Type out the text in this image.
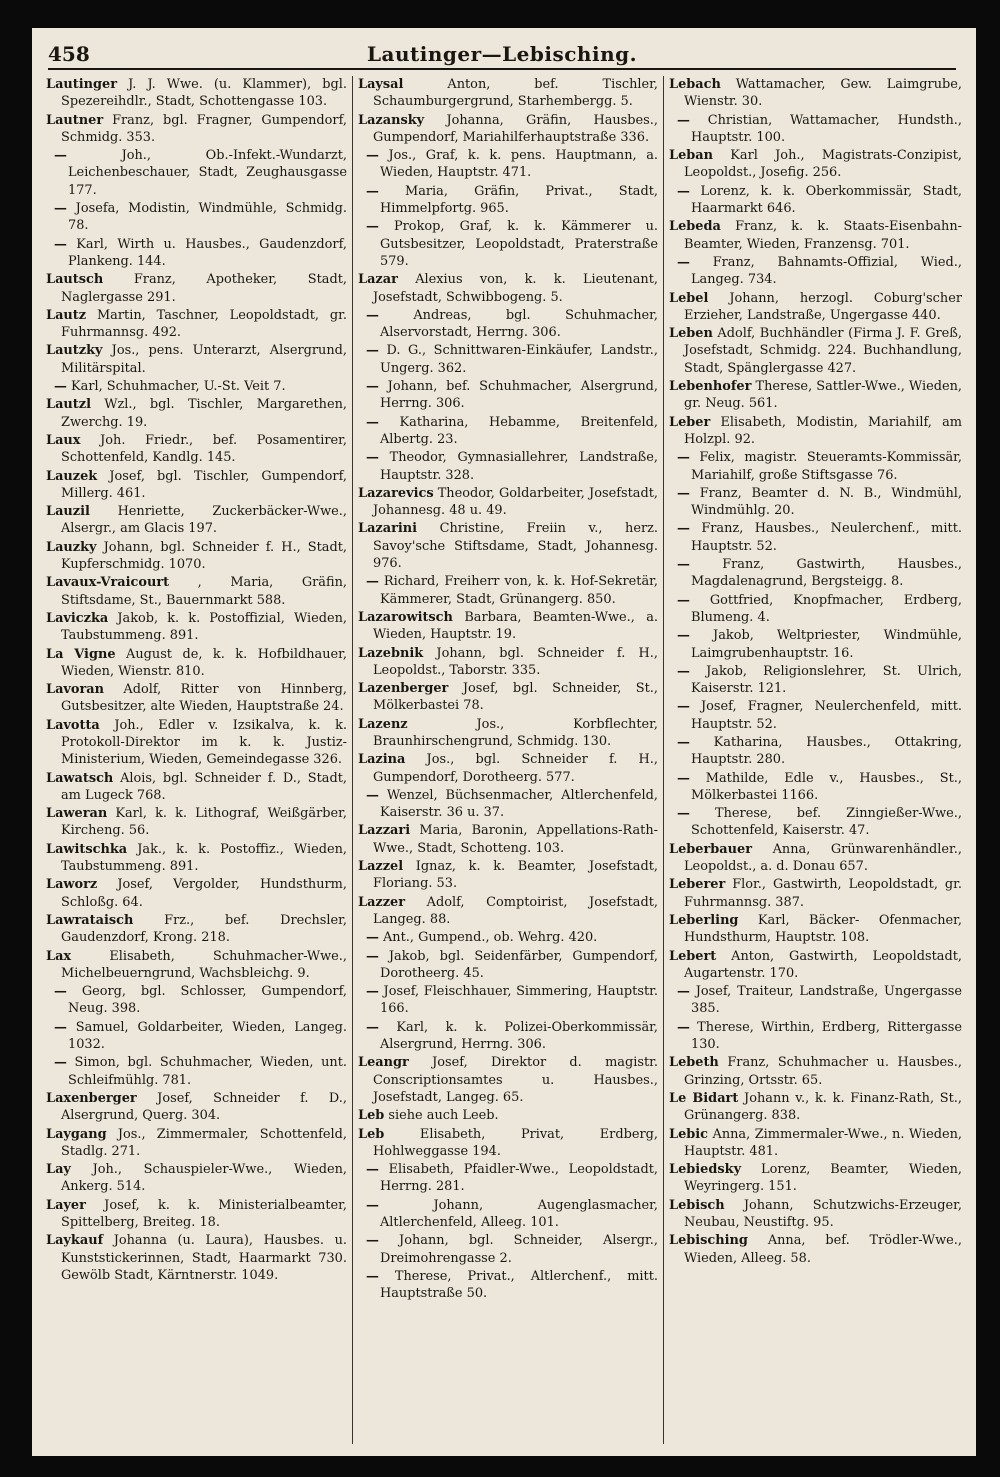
458	Lautinger—Lebisching.

Lautinger J. J. Wwe. (u. Klammer), bgl. Spezereihdlr., Stadt, Schottengasse 103.

Lautner Franz, bgl. Fragner, Gumpendorf, Schmidg. 353.

—	Joh., Ob.-Infekt.-Wundarzt, Leichenbeschauer, Stadt, Zeughausgasse 177.

— Josefa, Modistin, Windmühle, Schmidg. 78.

— Karl, Wirth u. Hausbes., Gaudenzdorf, Plankeng. 144.

Lautsch Franz, Apotheker, Stadt, Naglergasse 291.

Lautz Martin, Taschner, Leopoldstadt, gr. Fuhrmannsg. 492.

Lautzky Jos., pens. Unterarzt, Alsergrund, Militärspital.

— Karl, Schuhmacher, U.-St. Veit 7.

Lautzl Wzl., bgl. Tischler, Margarethen, Zwerchg. 19.

Laux Joh. Friedr., bef. Posamentirer, Schottenfeld, Kandlg. 145.

Lauzek Josef, bgl. Tischler, Gumpendorf, Millerg. 461.

Lauzil Henriette, Zuckerbäcker-Wwe., Alsergr., am Glacis 197.

Lauzky Johann, bgl. Schneider f. H., Stadt, Kupferschmidg. 1070.

Lavaux-Vraicourt , Maria, Gräfin, Stiftsdame, St., Bauernmarkt 588.

Laviczka Jakob, k. k. Postoffizial, Wieden, Taubstummeng. 891.

La Vigne August de, k. k. Hofbildhauer, Wieden, Wienstr. 810.

Lavoran Adolf, Ritter von Hinnberg, Gutsbesitzer, alte Wieden, Hauptstraße 24.

Lavotta Joh., Edler v. Izsikalva, k. k. Protokoll-Direktor im k. k. Justiz-Ministerium, Wieden, Gemeindegasse 326.

Lawatsch Alois, bgl. Schneider f. D., Stadt, am Lugeck 768.

Laweran Karl, k. k. Lithograf, Weißgärber, Kircheng. 56.

Lawitschka Jak., k. k. Postoffiz., Wieden, Taubstummeng. 891.

Laworz Josef, Vergolder, Hundsthurm, Schloßg. 64.

Lawrataisch Frz., bef. Drechsler, Gaudenzdorf, Krong. 218.

Lax	Elisabeth, Schuhmacher-Wwe., Michelbeuerngrund, Wachsbleichg. 9.

— Georg, bgl. Schlosser, Gumpendorf, Neug. 398.

— Samuel, Goldarbeiter, Wieden, Langeg. 1032.

— Simon, bgl. Schuhmacher, Wieden, unt. Schleifmühlg. 781.

Laxenberger Josef, Schneider f. D., Alsergrund, Querg. 304.

Laygang Jos., Zimmermaler, Schottenfeld, Stadlg. 271.

Lay Joh., Schauspieler-Wwe., Wieden, Ankerg. 514.

Layer Josef, k. k. Ministerialbeamter, Spittelberg, Breiteg. 18.

Laykauf Johanna (u. Laura), Hausbes. u. Kunststickerinnen, Stadt, Haarmarkt 730. Gewölb Stadt, Kärntnerstr. 1049.

Laysal	Anton, bef. Tischler, Schaumburgergrund, Starhembergg. 5.

Lazansky Johanna, Gräfin, Hausbes., Gumpendorf, Mariahilferhauptstraße 336.

— Jos., Graf, k. k. pens. Hauptmann, a. Wieden, Hauptstr. 471.

— Maria, Gräfin, Privat., Stadt, Himmelpfortg. 965.

— Prokop, Graf, k. k. Kämmerer u. Gutsbesitzer, Leopoldstadt, Praterstraße 579.

Lazar Alexius von, k. k. Lieutenant, Josefstadt, Schwibbogeng. 5.

—	Andreas, bgl. Schuhmacher, Alservorstadt, Herrng. 306.

— D. G., Schnittwaren-Einkäufer, Landstr., Ungerg. 362.

— Johann, bef. Schuhmacher, Alsergrund, Herrng. 306.

— Katharina, Hebamme, Breitenfeld, Albertg. 23.

— Theodor, Gymnasiallehrer, Landstraße, Hauptstr. 328.

Lazarevics Theodor, Goldarbeiter, Josefstadt, Johannesg. 48 u. 49.

Lazarini Christine, Freiin v., herz. Savoy'sche Stiftsdame, Stadt, Johannesg. 976.

— Richard, Freiherr von, k. k. Hof-Sekretär, Kämmerer, Stadt, Grünangerg. 850.

Lazarowitsch Barbara, Beamten-Wwe., a. Wieden, Hauptstr. 19.

Lazebnik Johann, bgl. Schneider f. H., Leopoldst., Taborstr. 335.

Lazenberger Josef, bgl. Schneider, St., Mölkerbastei 78.

Lazenz	Jos., Korbflechter, Braunhirschengrund, Schmidg. 130.

Lazina Jos., bgl. Schneider f. H., Gumpendorf, Dorotheerg. 577.

— Wenzel, Büchsenmacher, Altlerchenfeld, Kaiserstr. 36 u. 37.

Lazzari Maria, Baronin, Appellations-Rath-Wwe., Stadt, Schotteng. 103.

Lazzel Ignaz, k. k. Beamter, Josefstadt, Floriang. 53.

Lazzer Adolf, Comptoirist, Josefstadt, Langeg. 88.

— Ant., Gumpend., ob. Wehrg. 420.

— Jakob, bgl. Seidenfärber, Gumpendorf, Dorotheerg. 45.

— Josef, Fleischhauer, Simmering, Hauptstr. 166.

— Karl, k. k. Polizei-Oberkommissär, Alsergrund, Herrng. 306.

Leangr Josef, Direktor d. magistr. Conscriptionsamtes u. Hausbes., Josefstadt, Langeg. 65.

Leb siehe auch Leeb.

Leb	Elisabeth, Privat, Erdberg, Hohlweggasse 194.

— Elisabeth, Pfaidler-Wwe., Leopoldstadt, Herrng. 281.

—	Johann, Augenglasmacher, Altlerchenfeld, Alleeg. 101.

— Johann, bgl. Schneider, Alsergr., Dreimohrengasse 2.

— Therese, Privat., Altlerchenf., mitt. Hauptstraße 50.

Lebach Wattamacher, Gew. Laimgrube, Wienstr. 30.

— Christian, Wattamacher, Hundsth., Hauptstr. 100.

Leban Karl Joh., Magistrats-Conzipist, Leopoldst., Josefig. 256.

— Lorenz, k. k. Oberkommissär, Stadt, Haarmarkt 646.

Lebeda Franz, k. k. Staats-Eisenbahn-Beamter, Wieden, Franzensg. 701.

— Franz, Bahnamts-Offizial, Wied., Langeg. 734.

Lebel Johann, herzogl. Coburg'scher Erzieher, Landstraße, Ungergasse 440.

Leben Adolf, Buchhändler (Firma J. F. Greß, Josefstadt, Schmidg. 224. Buchhandlung, Stadt, Spänglergasse 427.

Lebenhofer Therese, Sattler-Wwe., Wieden, gr. Neug. 561.

Leber Elisabeth, Modistin, Mariahilf, am Holzpl. 92.

— Felix, magistr. Steueramts-Kommissär, Mariahilf, große Stiftsgasse 76.

— Franz, Beamter d. N. B., Windmühl, Windmühlg. 20.

— Franz, Hausbes., Neulerchenf., mitt. Hauptstr. 52.

—	Franz, Gastwirth, Hausbes., Magdalenagrund, Bergsteigg. 8.

— Gottfried, Knopfmacher, Erdberg, Blumeng. 4.

— Jakob, Weltpriester, Windmühle, Laimgrubenhauptstr. 16.

— Jakob, Religionslehrer, St. Ulrich, Kaiserstr. 121.

— Josef, Fragner, Neulerchenfeld, mitt. Hauptstr. 52.

— Katharina, Hausbes., Ottakring, Hauptstr. 280.

— Mathilde, Edle v., Hausbes., St., Mölkerbastei 1166.

— Therese, bef. Zinngießer-Wwe., Schottenfeld, Kaiserstr. 47.

Leberbauer Anna, Grünwarenhändler., Leopoldst., a. d. Donau 657.

Leberer Flor., Gastwirth, Leopoldstadt, gr. Fuhrmannsg. 387.

Leberling Karl, Bäcker- Ofenmacher, Hundsthurm, Hauptstr. 108.

Lebert Anton, Gastwirth, Leopoldstadt, Augartenstr. 170.

— Josef, Traiteur, Landstraße, Ungergasse 385.

— Therese, Wirthin, Erdberg, Rittergasse 130.

Lebeth Franz, Schuhmacher u. Hausbes., Grinzing, Ortsstr. 65.

Le Bidart Johann v., k. k. Finanz-Rath, St., Grünangerg. 838.

Lebic Anna, Zimmermaler-Wwe., n. Wieden, Hauptstr. 481.

Lebiedsky Lorenz, Beamter, Wieden, Weyringerg. 151.

Lebisch Johann, Schutzwichs-Erzeuger, Neubau, Neustiftg. 95.

Lebisching Anna, bef. Trödler-Wwe., Wieden, Alleeg. 58.
